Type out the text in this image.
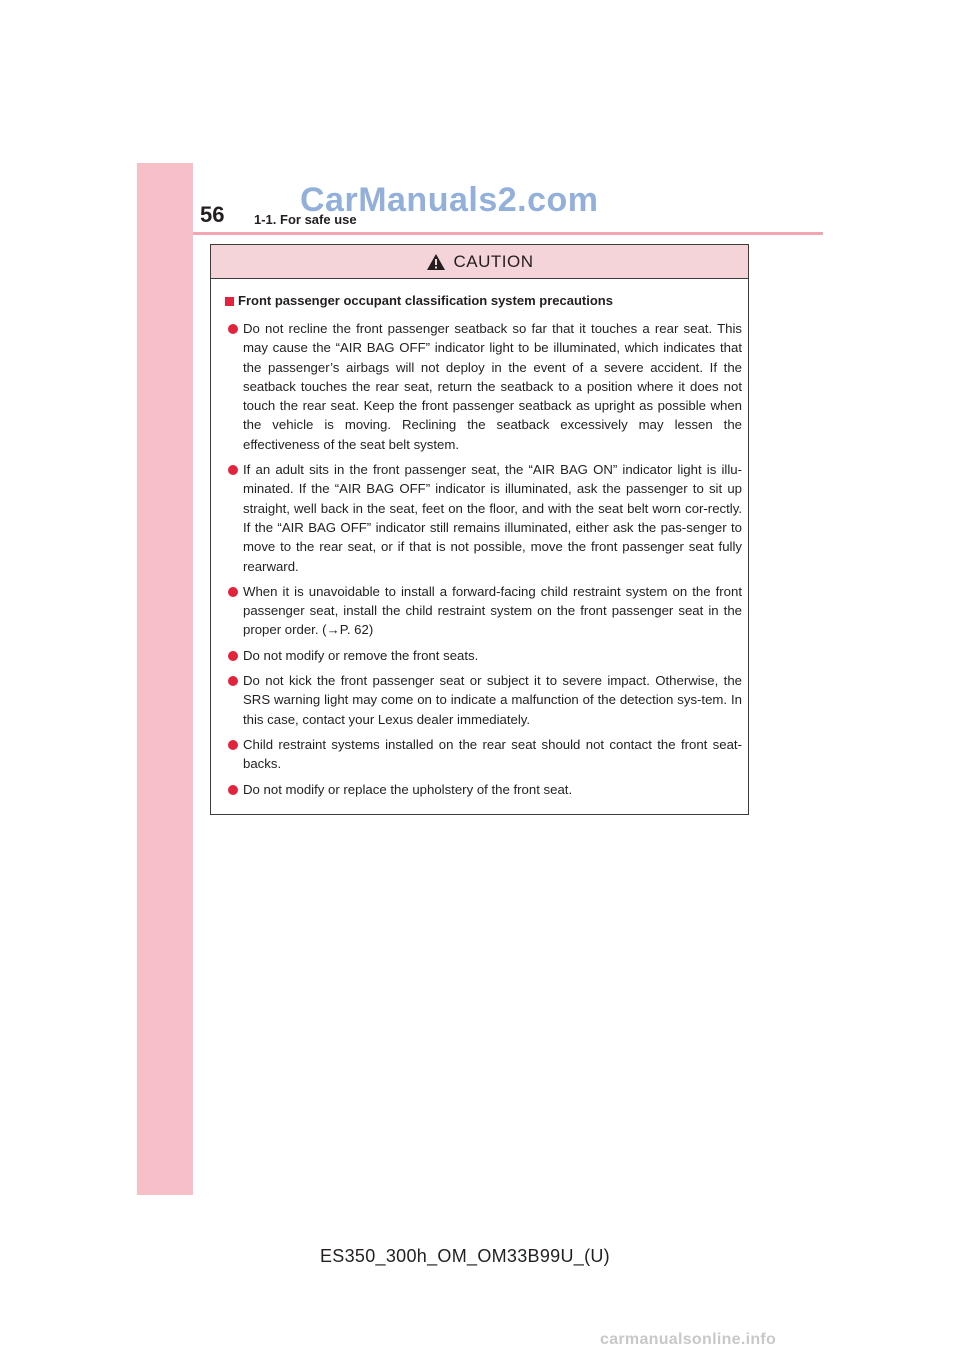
56 1-1. For safe use
CarManuals2.com
CAUTION
Front passenger occupant classification system precautions
Do not recline the front passenger seatback so far that it touches a rear seat. This may cause the “AIR BAG OFF” indicator light to be illuminated, which indicates that the passenger’s airbags will not deploy in the event of a severe accident. If the seatback touches the rear seat, return the seatback to a position where it does not touch the rear seat. Keep the front passenger seatback as upright as possible when the vehicle is moving. Reclining the seatback excessively may lessen the effectiveness of the seat belt system.
If an adult sits in the front passenger seat, the “AIR BAG ON” indicator light is illu-minated. If the “AIR BAG OFF” indicator is illuminated, ask the passenger to sit up straight, well back in the seat, feet on the floor, and with the seat belt worn cor-rectly. If the “AIR BAG OFF” indicator still remains illuminated, either ask the pas-senger to move to the rear seat, or if that is not possible, move the front passenger seat fully rearward.
When it is unavoidable to install a forward-facing child restraint system on the front passenger seat, install the child restraint system on the front passenger seat in the proper order. (→P. 62)
Do not modify or remove the front seats.
Do not kick the front passenger seat or subject it to severe impact. Otherwise, the SRS warning light may come on to indicate a malfunction of the detection sys-tem. In this case, contact your Lexus dealer immediately.
Child restraint systems installed on the rear seat should not contact the front seat-backs.
Do not modify or replace the upholstery of the front seat.
ES350_300h_OM_OM33B99U_(U)
carmanualsonline.info
